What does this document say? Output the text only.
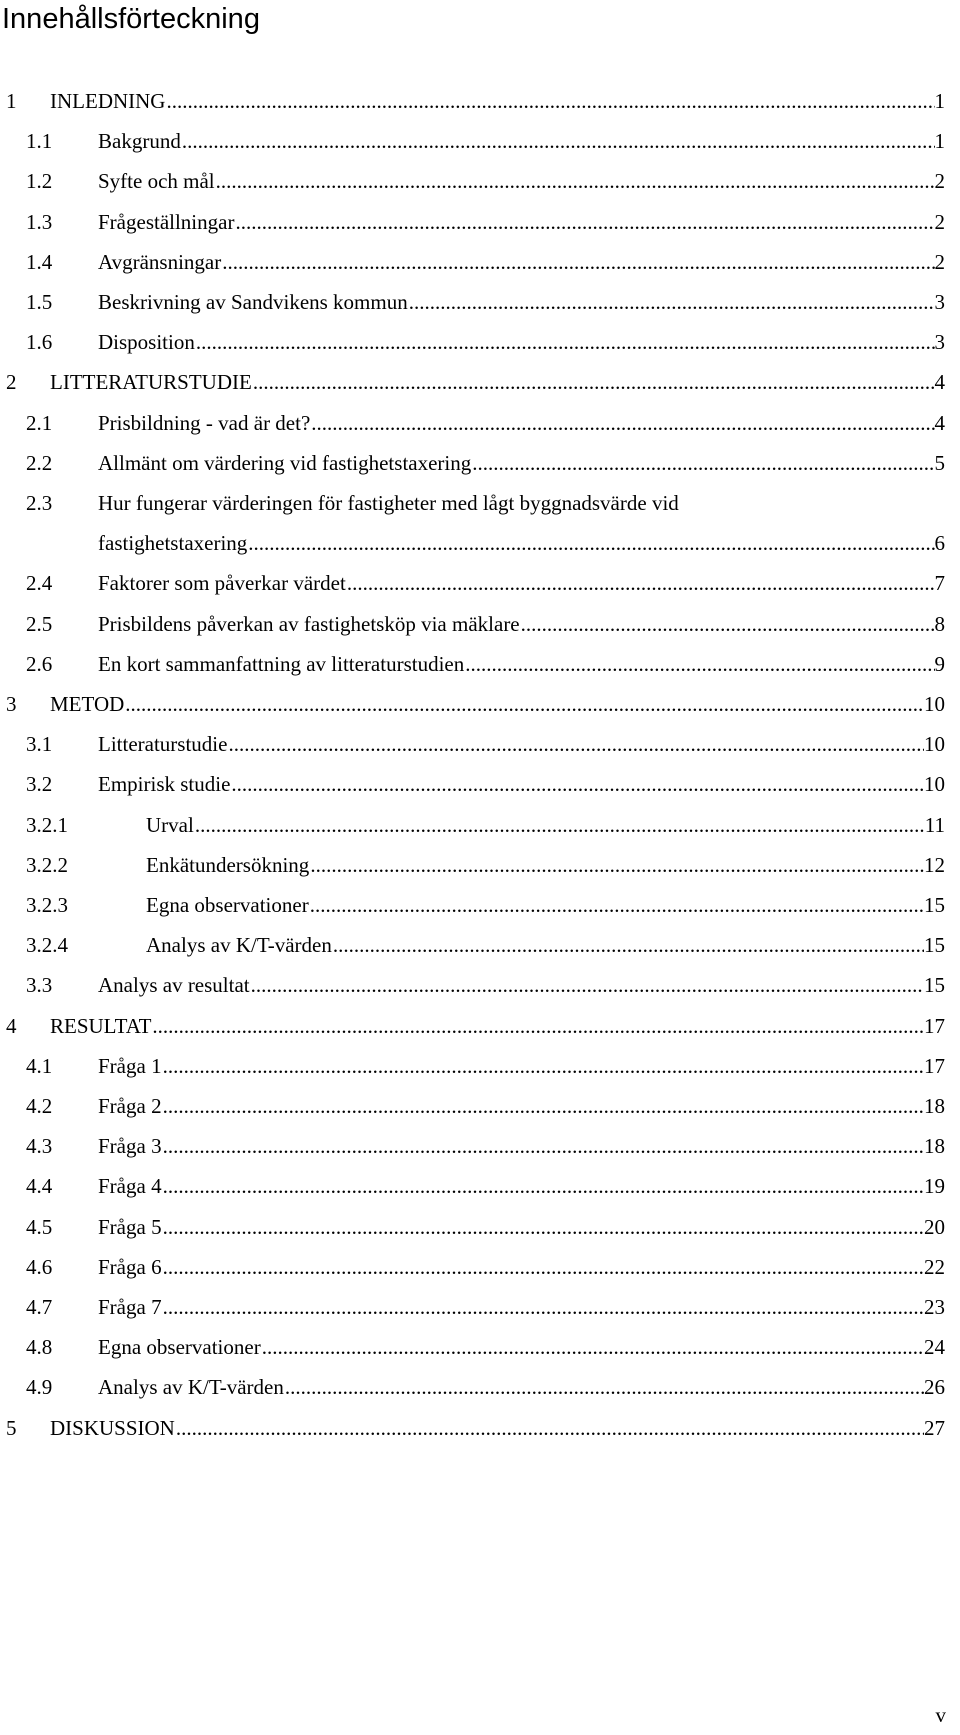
Innehållsförteckning
1 INLEDNING .....	1
1.1 Bakgrund .....	1
1.2 Syfte och mål .....	2
1.3 Frågeställningar .....	2
1.4 Avgränsningar .....	2
1.5 Beskrivning av Sandvikens kommun .....	3
1.6 Disposition .....	3
2 LITTERATURSTUDIE .....	4
2.1 Prisbildning - vad är det? .....	4
2.2 Allmänt om värdering vid fastighetstaxering .....	5
2.3 Hur fungerar värderingen för fastigheter med lågt byggnadsvärde vid
fastighetstaxering .....	6
2.4 Faktorer som påverkar värdet .....	7
2.5 Prisbildens påverkan av fastighetsköp via mäklare .....	8
2.6 En kort sammanfattning av litteraturstudien .....	9
3 METOD .....	10
3.1 Litteraturstudie .....	10
3.2 Empirisk studie .....	10
3.2.1	Urval .....	11
3.2.2	Enkätundersökning .....	12
3.2.3	Egna observationer .....	15
3.2.4	Analys av K/T-värden .....	15
3.3 Analys av resultat .....	15
4 RESULTAT .....	17
4.1 Fråga 1 .....	17
4.2 Fråga 2 .....	18
4.3 Fråga 3 .....	18
4.4 Fråga 4 .....	19
4.5 Fråga 5 .....	20
4.6 Fråga 6 .....	22
4.7 Fråga 7 .....	23
4.8 Egna observationer .....	24
4.9 Analys av K/T-värden .....	26
5 DISKUSSION .....	27
v
